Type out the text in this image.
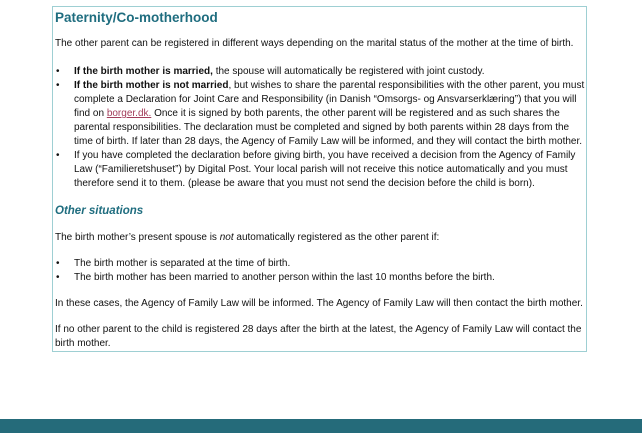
Paternity/Co-motherhood

The other parent can be registered in different ways depending on the marital status of the mother at the time of birth.

• If the birth mother is married, the spouse will automatically be registered with joint custody.
• If the birth mother is not married, but wishes to share the parental responsibilities with the other parent, you must complete a Declaration for Joint Care and Responsibility (in Danish “Omsorgs- og Ansvarserklæring”) that you will find on borger.dk. Once it is signed by both parents, the other parent will be registered and as such shares the parental responsibilities. The declaration must be completed and signed by both parents within 28 days from the time of birth. If later than 28 days, the Agency of Family Law will be informed, and they will contact the birth mother.
• If you have completed the declaration before giving birth, you have received a decision from the Agency of Family Law (“Familieretshuset”) by Digital Post. Your local parish will not receive this notice automatically and you must therefore send it to them. (please be aware that you must not send the decision before the child is born).
Other situations

The birth mother’s present spouse is not automatically registered as the other parent if:

• The birth mother is separated at the time of birth.
• The birth mother has been married to another person within the last 10 months before the birth.

In these cases, the Agency of Family Law will be informed. The Agency of Family Law will then contact the birth mother.

If no other parent to the child is registered 28 days after the birth at the latest, the Agency of Family Law will contact the birth mother.
